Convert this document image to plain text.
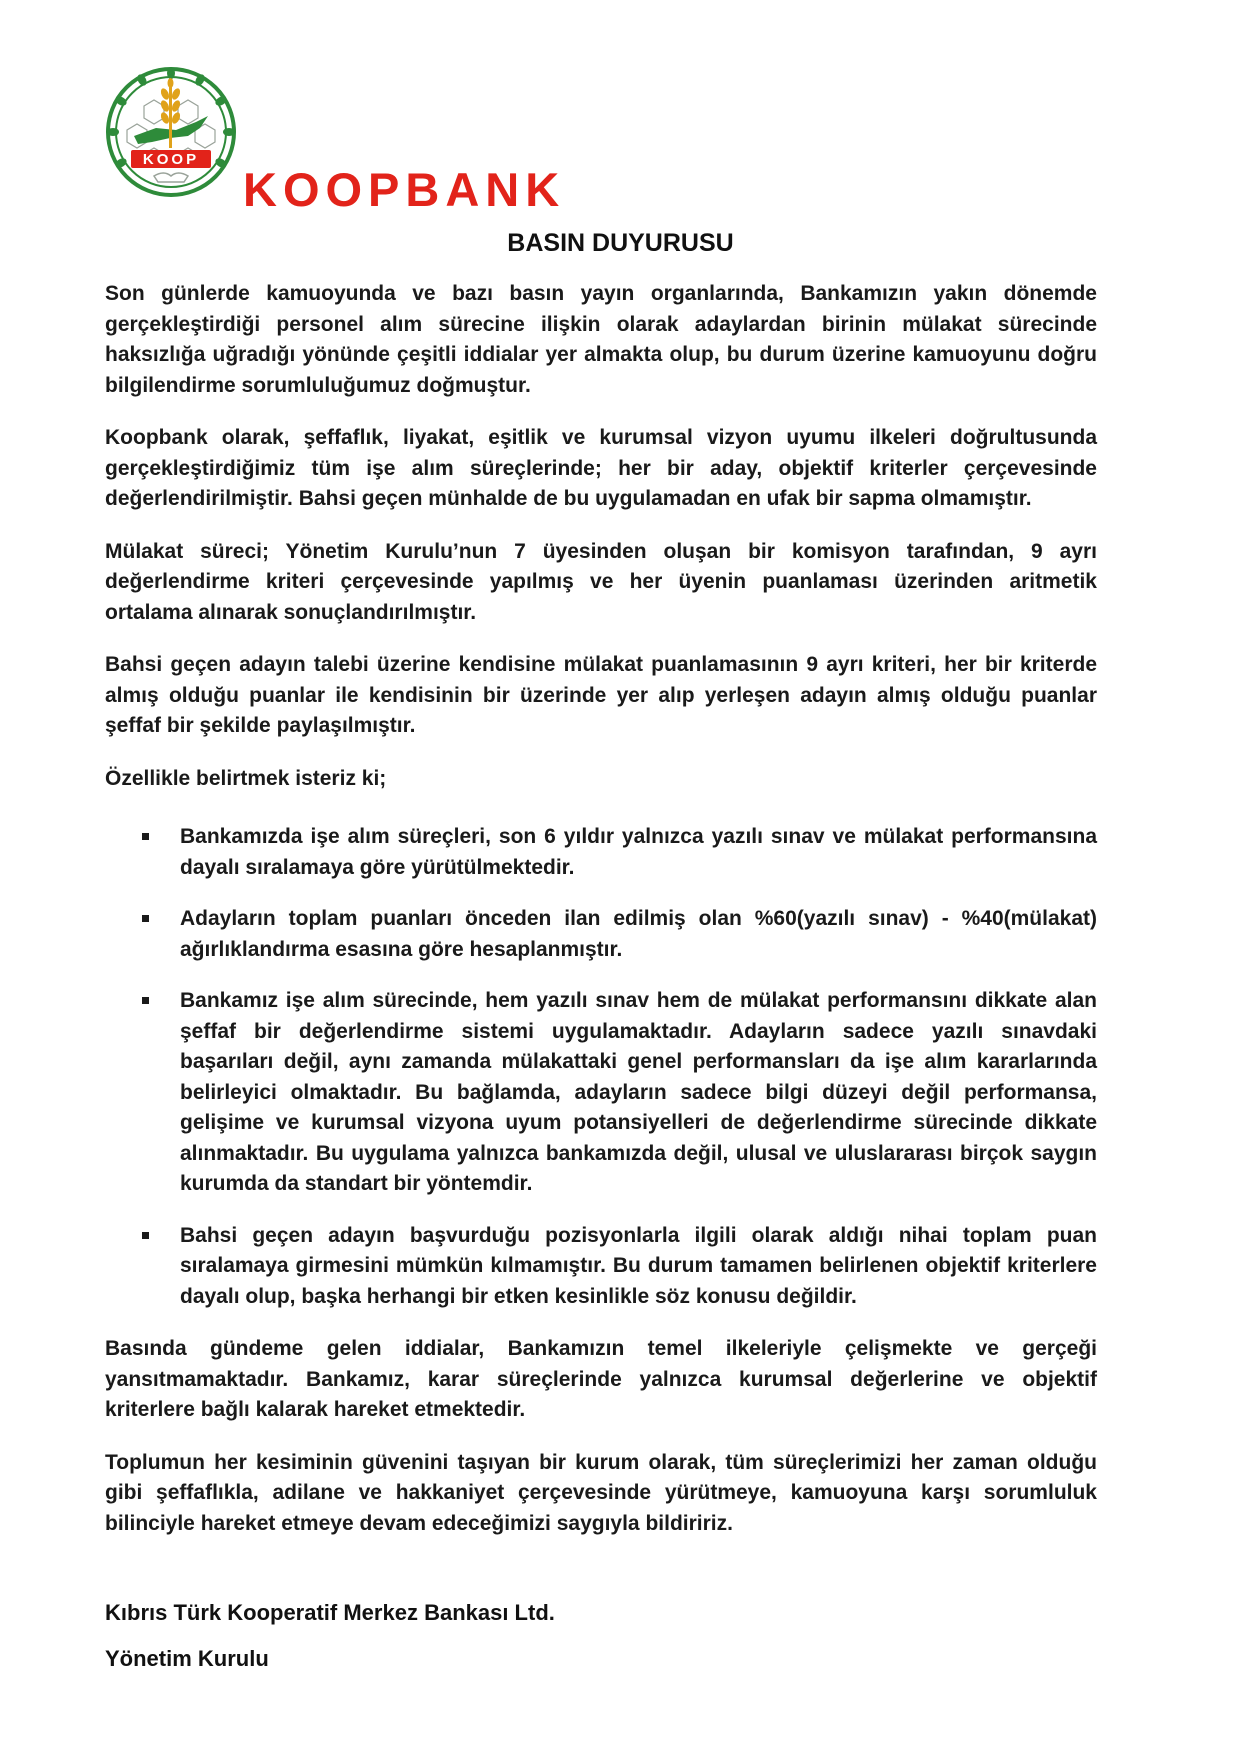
KOOP
KOOPBANK
BASIN DUYURUSU

Son günlerde kamuoyunda ve bazı basın yayın organlarında, Bankamızın yakın dönemde gerçekleştirdiği personel alım sürecine ilişkin olarak adaylardan birinin mülakat sürecinde haksızlığa uğradığı yönünde çeşitli iddialar yer almakta olup, bu durum üzerine kamuoyunu doğru bilgilendirme sorumluluğumuz doğmuştur.

Koopbank olarak, şeffaflık, liyakat, eşitlik ve kurumsal vizyon uyumu ilkeleri doğrultusunda gerçekleştirdiğimiz tüm işe alım süreçlerinde; her bir aday, objektif kriterler çerçevesinde değerlendirilmiştir. Bahsi geçen münhalde de bu uygulamadan en ufak bir sapma olmamıştır.

Mülakat süreci; Yönetim Kurulu’nun 7 üyesinden oluşan bir komisyon tarafından, 9 ayrı değerlendirme kriteri çerçevesinde yapılmış ve her üyenin puanlaması üzerinden aritmetik ortalama alınarak sonuçlandırılmıştır.

Bahsi geçen adayın talebi üzerine kendisine mülakat puanlamasının 9 ayrı kriteri, her bir kriterde almış olduğu puanlar ile kendisinin bir üzerinde yer alıp yerleşen adayın almış olduğu puanlar şeffaf bir şekilde paylaşılmıştır.

Özellikle belirtmek isteriz ki;

Bankamızda işe alım süreçleri, son 6 yıldır yalnızca yazılı sınav ve mülakat performansına dayalı sıralamaya göre yürütülmektedir.
Adayların toplam puanları önceden ilan edilmiş olan %60(yazılı sınav) - %40(mülakat) ağırlıklandırma esasına göre hesaplanmıştır.
Bankamız işe alım sürecinde, hem yazılı sınav hem de mülakat performansını dikkate alan şeffaf bir değerlendirme sistemi uygulamaktadır. Adayların sadece yazılı sınavdaki başarıları değil, aynı zamanda mülakattaki genel performansları da işe alım kararlarında belirleyici olmaktadır. Bu bağlamda, adayların sadece bilgi düzeyi değil performansa, gelişime ve kurumsal vizyona uyum potansiyelleri de değerlendirme sürecinde dikkate alınmaktadır. Bu uygulama yalnızca bankamızda değil, ulusal ve uluslararası birçok saygın kurumda da standart bir yöntemdir.
Bahsi geçen adayın başvurduğu pozisyonlarla ilgili olarak aldığı nihai toplam puan sıralamaya girmesini mümkün kılmamıştır. Bu durum tamamen belirlenen objektif kriterlere dayalı olup, başka herhangi bir etken kesinlikle söz konusu değildir.

Basında gündeme gelen iddialar, Bankamızın temel ilkeleriyle çelişmekte ve gerçeği yansıtmamaktadır. Bankamız, karar süreçlerinde yalnızca kurumsal değerlerine ve objektif kriterlere bağlı kalarak hareket etmektedir.

Toplumun her kesiminin güvenini taşıyan bir kurum olarak, tüm süreçlerimizi her zaman olduğu gibi şeffaflıkla, adilane ve hakkaniyet çerçevesinde yürütmeye, kamuoyuna karşı sorumluluk bilinciyle hareket etmeye devam edeceğimizi saygıyla bildiririz.

Kıbrıs Türk Kooperatif Merkez Bankası Ltd.
Yönetim Kurulu
